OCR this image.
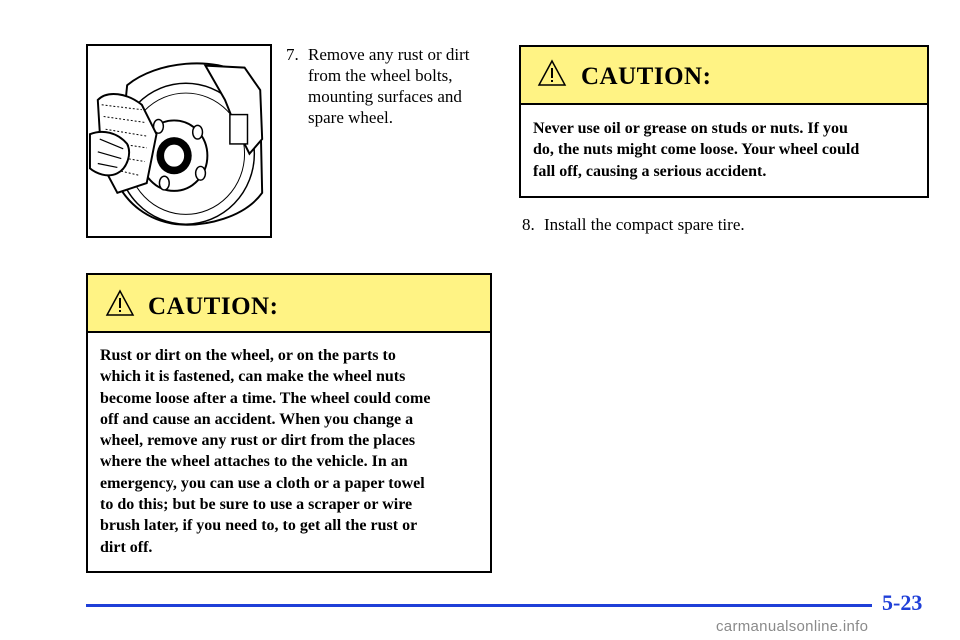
7. Remove any rust or dirt from the wheel bolts, mounting surfaces and spare wheel.
CAUTION:
Rust or dirt on the wheel, or on the parts to
which it is fastened, can make the wheel nuts
become loose after a time. The wheel could come
off and cause an accident. When you change a
wheel, remove any rust or dirt from the places
where the wheel attaches to the vehicle. In an
emergency, you can use a cloth or a paper towel
to do this; but be sure to use a scraper or wire
brush later, if you need to, to get all the rust or
dirt off.
CAUTION:
Never use oil or grease on studs or nuts. If you
do, the nuts might come loose. Your wheel could
fall off, causing a serious accident.
8. Install the compact spare tire.
5-23
carmanualsonline.info
